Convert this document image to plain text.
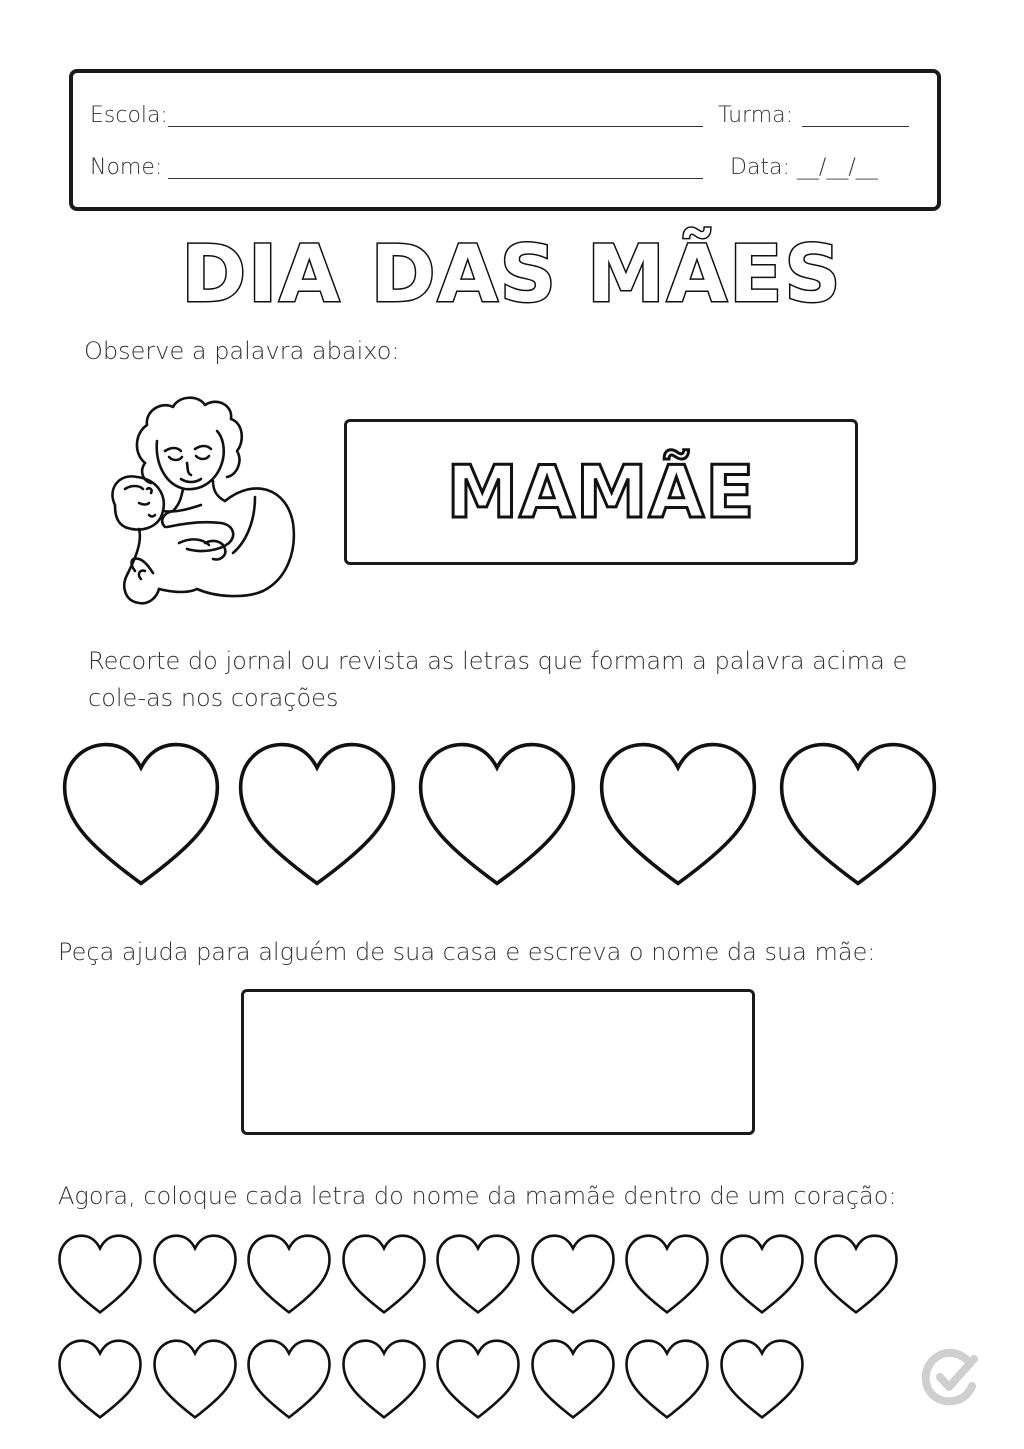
Escola:	Turma:
Nome:	Data: __/__/__
DIA DAS MÃES
Observe a palavra abaixo:
MAMÃE
Recorte do jornal ou revista as letras que formam a palavra acima e
cole-as nos corações
Peça ajuda para alguém de sua casa e escreva o nome da sua mãe:
Agora, coloque cada letra do nome da mamãe dentro de um coração:
